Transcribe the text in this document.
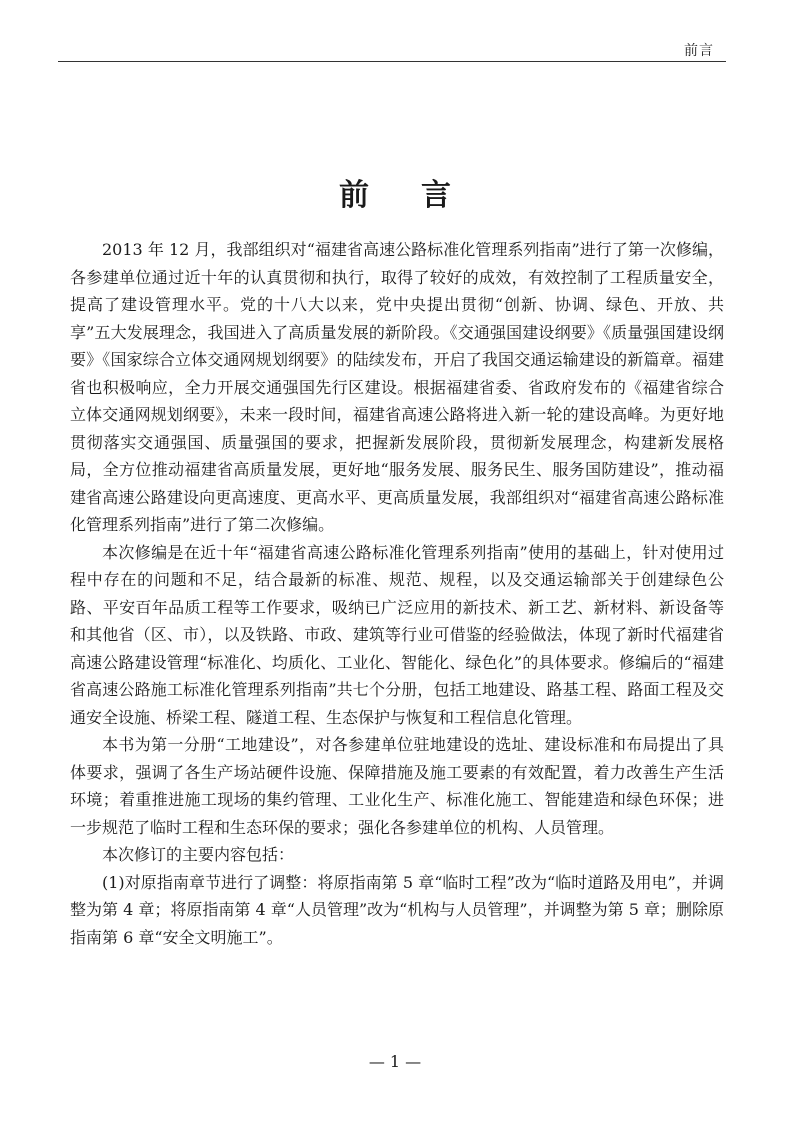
前言
前言

2013 年 12 月，我部组织对“福建省高速公路标准化管理系列指南”进行了第一次修编，各参建单位通过近十年的认真贯彻和执行，取得了较好的成效，有效控制了工程质量安全，提高了建设管理水平。党的十八大以来，党中央提出贯彻“创新、协调、绿色、开放、共享”五大发展理念，我国进入了高质量发展的新阶段。《交通强国建设纲要》《质量强国建设纲要》《国家综合立体交通网规划纲要》的陆续发布，开启了我国交通运输建设的新篇章。福建省也积极响应，全力开展交通强国先行区建设。根据福建省委、省政府发布的《福建省综合立体交通网规划纲要》，未来一段时间，福建省高速公路将进入新一轮的建设高峰。为更好地贯彻落实交通强国、质量强国的要求，把握新发展阶段，贯彻新发展理念，构建新发展格局，全方位推动福建省高质量发展，更好地“服务发展、服务民生、服务国防建设”，推动福建省高速公路建设向更高速度、更高水平、更高质量发展，我部组织对“福建省高速公路标准化管理系列指南”进行了第二次修编。

本次修编是在近十年“福建省高速公路标准化管理系列指南”使用的基础上，针对使用过程中存在的问题和不足，结合最新的标准、规范、规程，以及交通运输部关于创建绿色公路、平安百年品质工程等工作要求，吸纳已广泛应用的新技术、新工艺、新材料、新设备等和其他省（区、市），以及铁路、市政、建筑等行业可借鉴的经验做法，体现了新时代福建省高速公路建设管理“标准化、均质化、工业化、智能化、绿色化”的具体要求。修编后的“福建省高速公路施工标准化管理系列指南”共七个分册，包括工地建设、路基工程、路面工程及交通安全设施、桥梁工程、隧道工程、生态保护与恢复和工程信息化管理。

本书为第一分册“工地建设”，对各参建单位驻地建设的选址、建设标准和布局提出了具体要求，强调了各生产场站硬件设施、保障措施及施工要素的有效配置，着力改善生产生活环境；着重推进施工现场的集约管理、工业化生产、标准化施工、智能建造和绿色环保；进一步规范了临时工程和生态环保的要求；强化各参建单位的机构、人员管理。

本次修订的主要内容包括：

(1)对原指南章节进行了调整：将原指南第 5 章“临时工程”改为“临时道路及用电”，并调整为第 4 章；将原指南第 4 章“人员管理”改为“机构与人员管理”，并调整为第 5 章；删除原指南第 6 章“安全文明施工”。

— 1 —
